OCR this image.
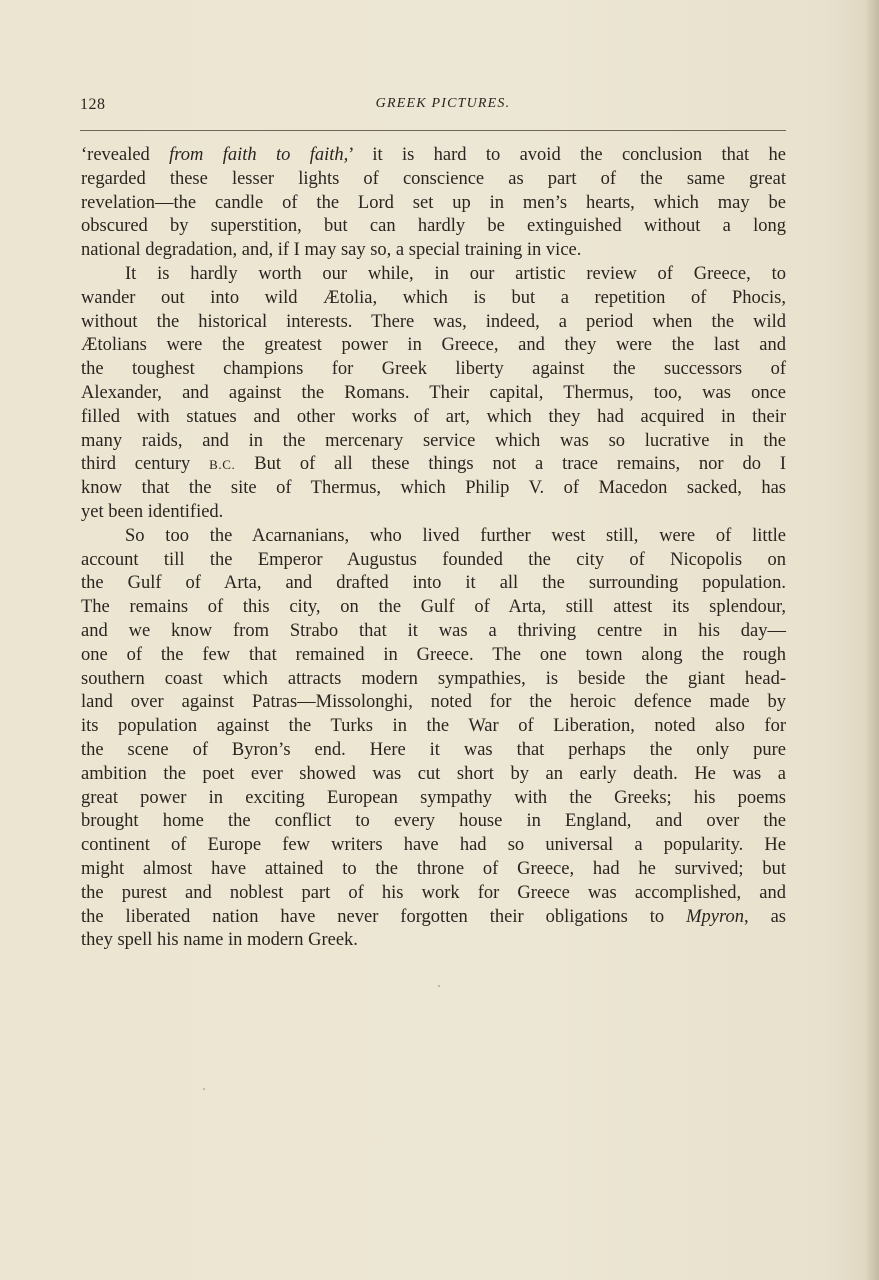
128	GREEK PICTURES.
‘revealed from faith to faith,’ it is hard to avoid the conclusion that he
regarded these lesser lights of conscience as part of the same great
revelation—the candle of the Lord set up in men’s hearts, which may be
obscured by superstition, but can hardly be extinguished without a long
national degradation, and, if I may say so, a special training in vice.
It is hardly worth our while, in our artistic review of Greece, to
wander out into wild Ætolia, which is but a repetition of Phocis,
without the historical interests. There was, indeed, a period when the wild
Ætolians were the greatest power in Greece, and they were the last and
the toughest champions for Greek liberty against the successors of
Alexander, and against the Romans. Their capital, Thermus, too, was once
filled with statues and other works of art, which they had acquired in their
many raids, and in the mercenary service which was so lucrative in the
third century B.C. But of all these things not a trace remains, nor do I
know that the site of Thermus, which Philip V. of Macedon sacked, has
yet been identified.
So too the Acarnanians, who lived further west still, were of little
account till the Emperor Augustus founded the city of Nicopolis on
the Gulf of Arta, and drafted into it all the surrounding population.
The remains of this city, on the Gulf of Arta, still attest its splendour,
and we know from Strabo that it was a thriving centre in his day—
one of the few that remained in Greece. The one town along the rough
southern coast which attracts modern sympathies, is beside the giant head-
land over against Patras—Missolonghi, noted for the heroic defence made by
its population against the Turks in the War of Liberation, noted also for
the scene of Byron’s end. Here it was that perhaps the only pure
ambition the poet ever showed was cut short by an early death. He was a
great power in exciting European sympathy with the Greeks; his poems
brought home the conflict to every house in England, and over the
continent of Europe few writers have had so universal a popularity. He
might almost have attained to the throne of Greece, had he survived; but
the purest and noblest part of his work for Greece was accomplished, and
the liberated nation have never forgotten their obligations to Mpyron, as
they spell his name in modern Greek.
